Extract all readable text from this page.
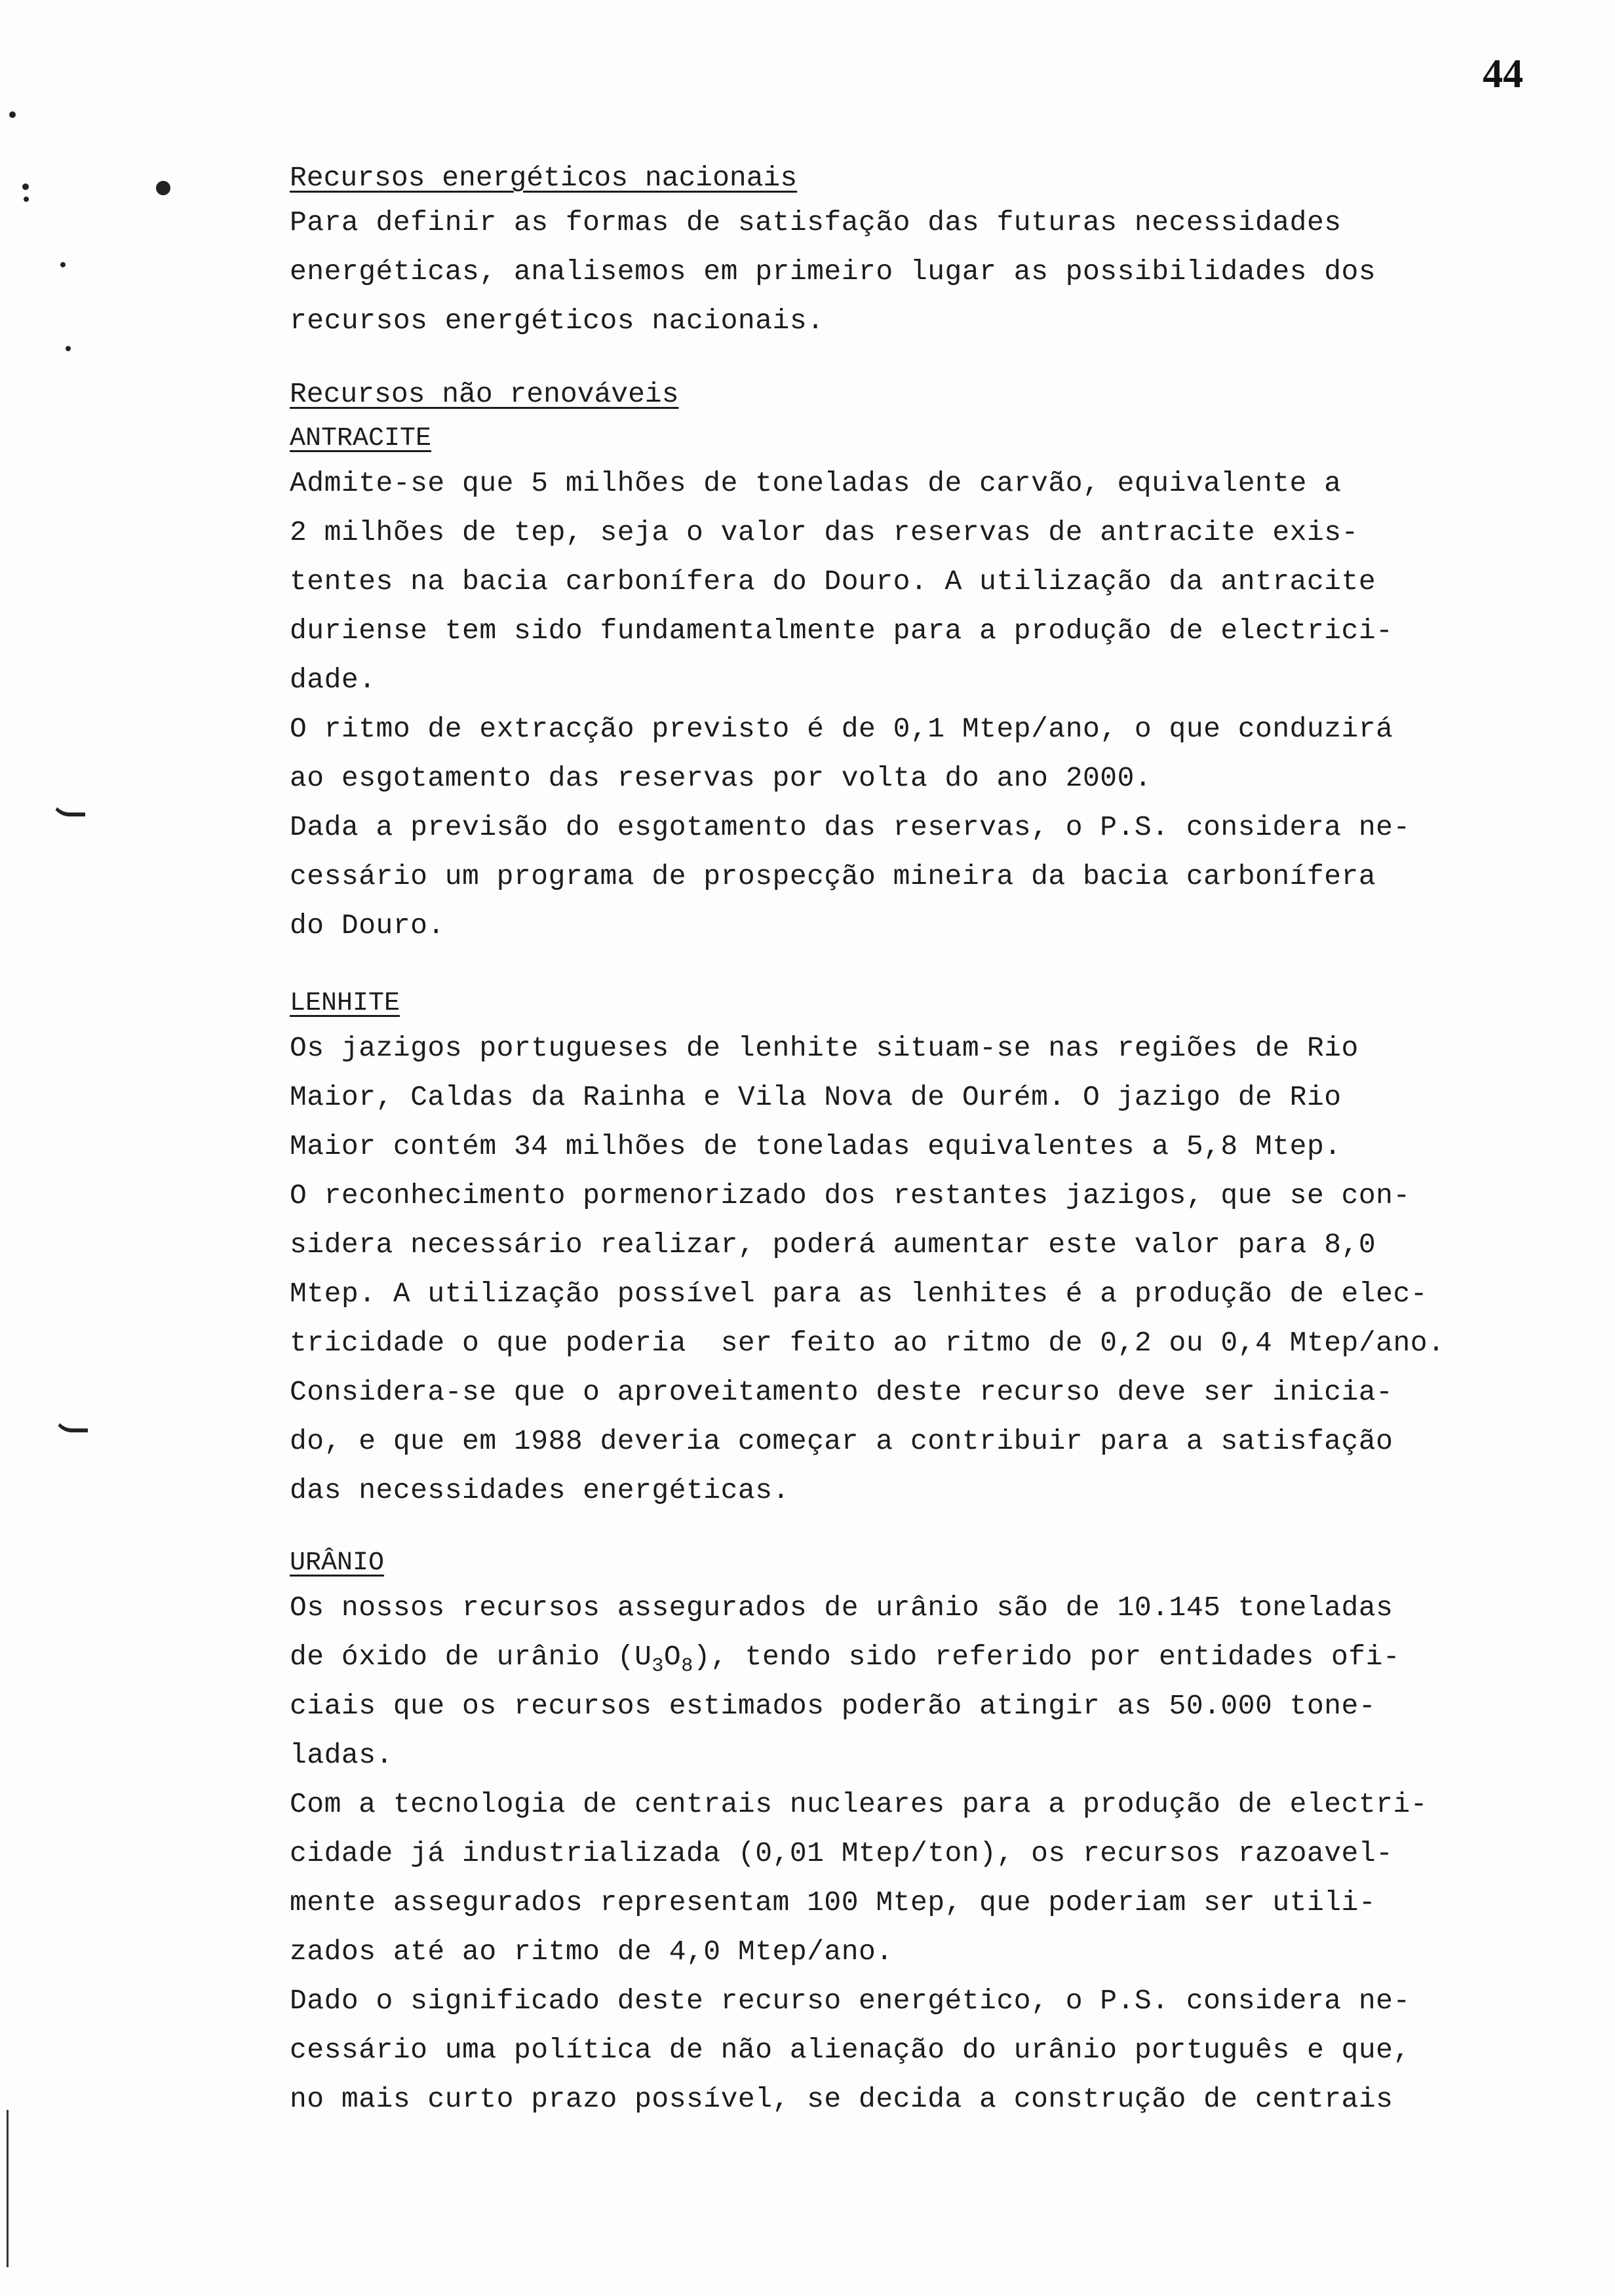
44
Recursos energéticos nacionais
Para definir as formas de satisfação das futuras necessidades
energéticas, analisemos em primeiro lugar as possibilidades dos
recursos energéticos nacionais.
Recursos não renováveis
ANTRACITE
Admite-se que 5 milhões de toneladas de carvão, equivalente a
2 milhões de tep, seja o valor das reservas de antracite exis-
tentes na bacia carbonífera do Douro. A utilização da antracite
duriense tem sido fundamentalmente para a produção de electrici-
dade.
O ritmo de extracção previsto é de 0,1 Mtep/ano, o que conduzirá
ao esgotamento das reservas por volta do ano 2000.
Dada a previsão do esgotamento das reservas, o P.S. considera ne-
cessário um programa de prospecção mineira da bacia carbonífera
do Douro.
LENHITE
Os jazigos portugueses de lenhite situam-se nas regiões de Rio
Maior, Caldas da Rainha e Vila Nova de Ourém. O jazigo de Rio
Maior contém 34 milhões de toneladas equivalentes a 5,8 Mtep.
O reconhecimento pormenorizado dos restantes jazigos, que se con-
sidera necessário realizar, poderá aumentar este valor para 8,0
Mtep. A utilização possível para as lenhites é a produção de elec-
tricidade o que poderia  ser feito ao ritmo de 0,2 ou 0,4 Mtep/ano.
Considera-se que o aproveitamento deste recurso deve ser inicia-
do, e que em 1988 deveria começar a contribuir para a satisfação
das necessidades energéticas.
URÂNIO
Os nossos recursos assegurados de urânio são de 10.145 toneladas
de óxido de urânio $(U_3O_8)$, tendo sido referido por entidades ofi-
ciais que os recursos estimados poderão atingir as 50.000 tone-
ladas.
Com a tecnologia de centrais nucleares para a produção de electri-
cidade já industrializada (0,01 Mtep/ton), os recursos razoavel-
mente assegurados representam 100 Mtep, que poderiam ser utili-
zados até ao ritmo de 4,0 Mtep/ano.
Dado o significado deste recurso energético, o P.S. considera ne-
cessário uma política de não alienação do urânio português e que,
no mais curto prazo possível, se decida a construção de centrais
